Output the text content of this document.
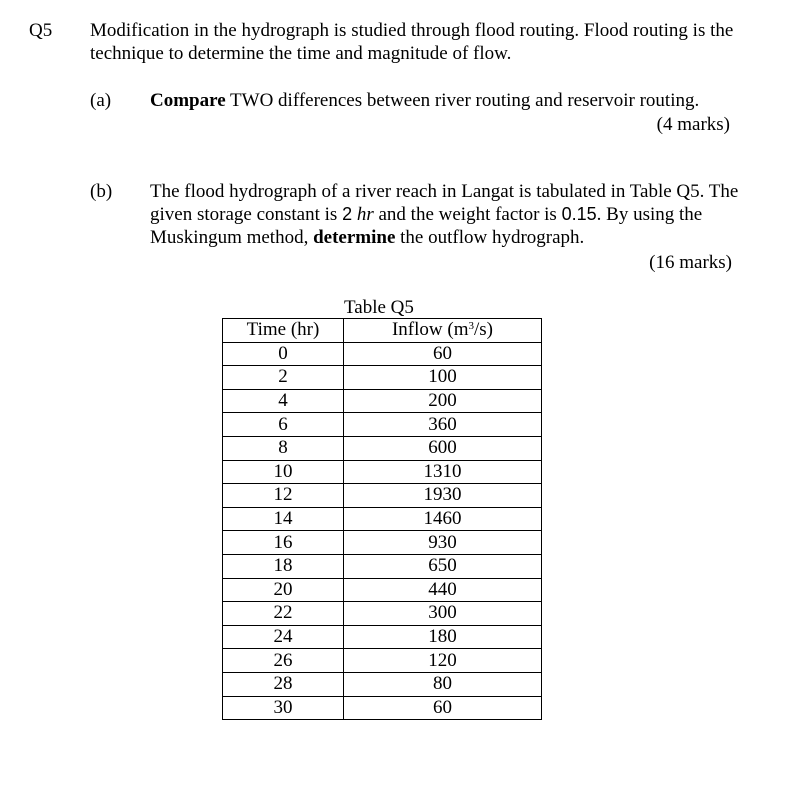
Q5 Modification in the hydrograph is studied through flood routing. Flood routing is the technique to determine the time and magnitude of flow.
(a) Compare TWO differences between river routing and reservoir routing.
(4 marks)
(b) The flood hydrograph of a river reach in Langat is tabulated in Table Q5. The given storage constant is 2 hr and the weight factor is 0.15. By using the Muskingum method, determine the outflow hydrograph.
(16 marks)
Table Q5
Time (hr)	Inflow $(m^3/s)$
0	60
2	100
4	200
6	360
8	600
10	1310
12	1930
14	1460
16	930
18	650
20	440
22	300
24	180
26	120
28	80
30	60
